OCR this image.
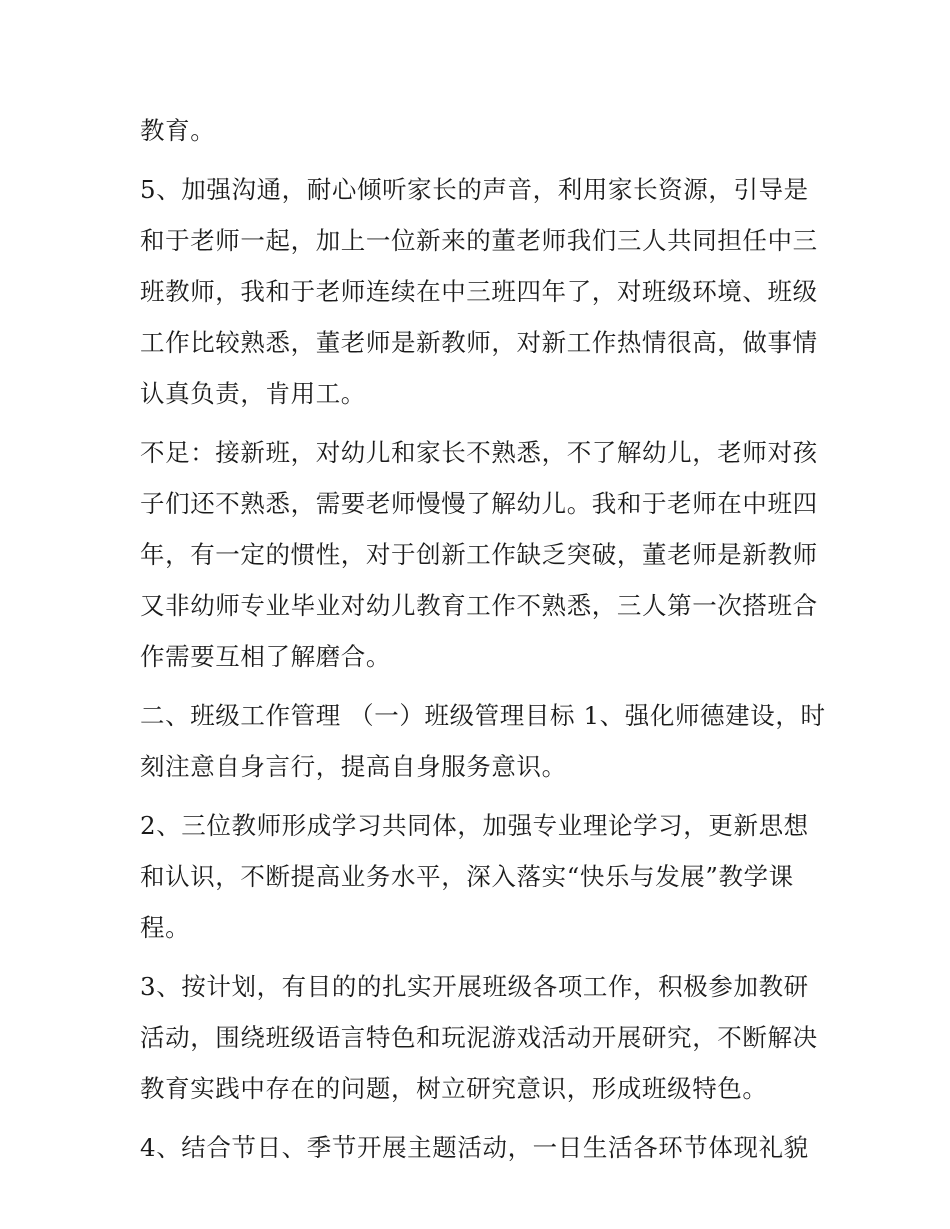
教育。

5、加强沟通，耐心倾听家长的声音，利用家长资源，引导是
和于老师一起，加上一位新来的董老师我们三人共同担任中三
班教师，我和于老师连续在中三班四年了，对班级环境、班级
工作比较熟悉，董老师是新教师，对新工作热情很高，做事情
认真负责，肯用工。

不足：接新班，对幼儿和家长不熟悉，不了解幼儿，老师对孩
子们还不熟悉，需要老师慢慢了解幼儿。我和于老师在中班四
年，有一定的惯性，对于创新工作缺乏突破，董老师是新教师
又非幼师专业毕业对幼儿教育工作不熟悉，三人第一次搭班合
作需要互相了解磨合。

二、班级工作管理 （一）班级管理目标 1、强化师德建设，时
刻注意自身言行，提高自身服务意识。

2、三位教师形成学习共同体，加强专业理论学习，更新思想
和认识，不断提高业务水平，深入落实“快乐与发展”教学课
程。

3、按计划，有目的的扎实开展班级各项工作，积极参加教研
活动，围绕班级语言特色和玩泥游戏活动开展研究，不断解决
教育实践中存在的问题，树立研究意识，形成班级特色。

4、结合节日、季节开展主题活动，一日生活各环节体现礼貌
